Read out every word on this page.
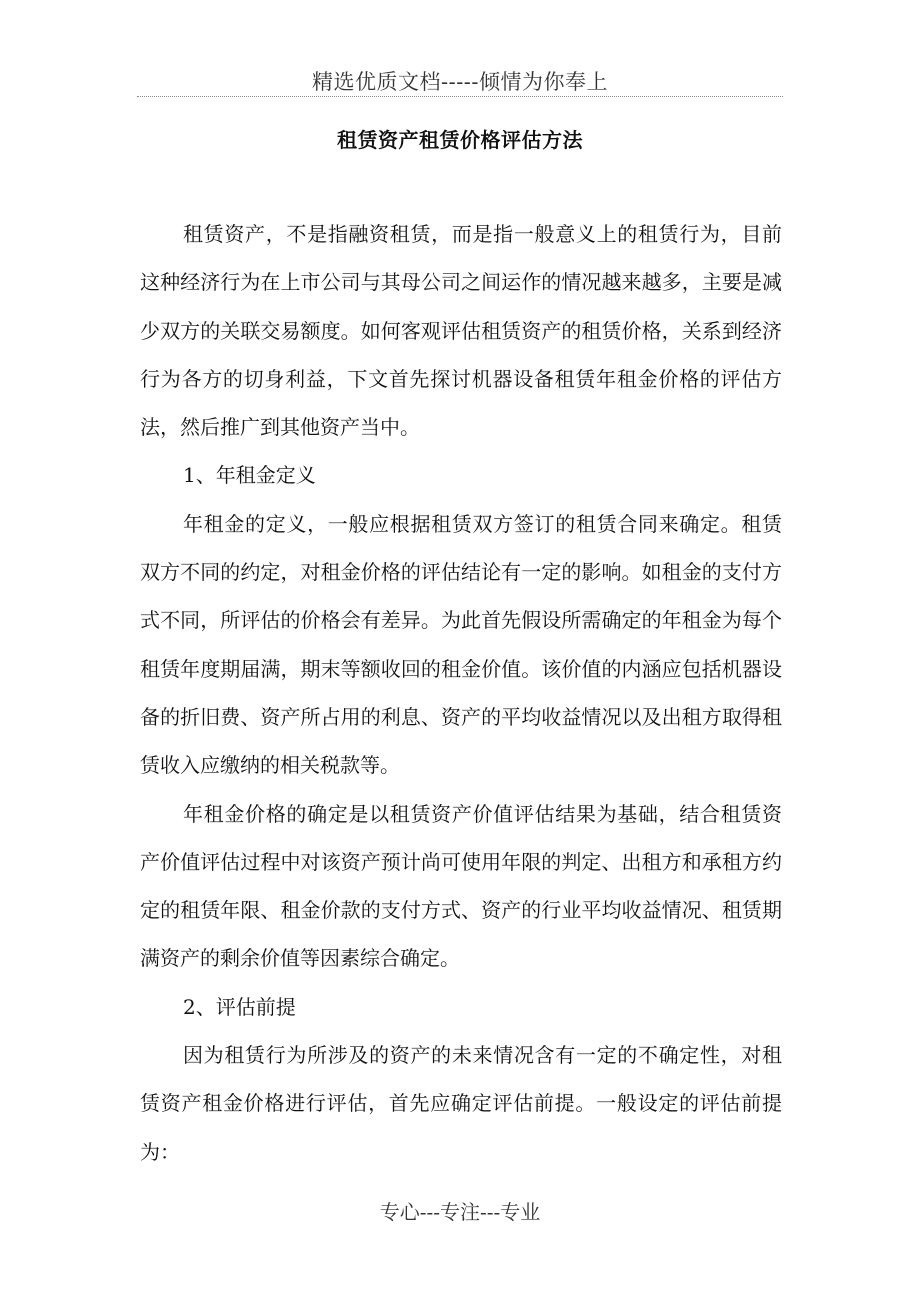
精选优质文档-----倾情为你奉上
租赁资产租赁价格评估方法

租赁资产，不是指融资租赁，而是指一般意义上的租赁行为，目前这种经济行为在上市公司与其母公司之间运作的情况越来越多，主要是减少双方的关联交易额度。如何客观评估租赁资产的租赁价格，关系到经济行为各方的切身利益，下文首先探讨机器设备租赁年租金价格的评估方法，然后推广到其他资产当中。

1、年租金定义

年租金的定义，一般应根据租赁双方签订的租赁合同来确定。租赁双方不同的约定，对租金价格的评估结论有一定的影响。如租金的支付方式不同，所评估的价格会有差异。为此首先假设所需确定的年租金为每个租赁年度期届满，期末等额收回的租金价值。该价值的内涵应包括机器设备的折旧费、资产所占用的利息、资产的平均收益情况以及出租方取得租赁收入应缴纳的相关税款等。

年租金价格的确定是以租赁资产价值评估结果为基础，结合租赁资产价值评估过程中对该资产预计尚可使用年限的判定、出租方和承租方约定的租赁年限、租金价款的支付方式、资产的行业平均收益情况、租赁期满资产的剩余价值等因素综合确定。

2、评估前提

因为租赁行为所涉及的资产的未来情况含有一定的不确定性，对租赁资产租金价格进行评估，首先应确定评估前提。一般设定的评估前提为：

专心---专注---专业
